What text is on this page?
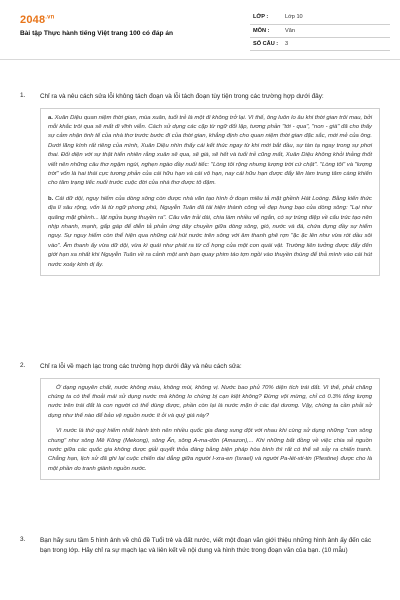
$2048^{.vn}$
Bài tập Thực hành tiếng Việt trang 100 có đáp án
LỚP :	Lớp 10
MÔN :	Văn
SỐ CÂU :	3
1. Chỉ ra và nêu cách sửa lỗi không tách đoạn và lỗi tách đoạn tùy tiện trong các trường hợp dưới đây:

a. Xuân Diệu quan niệm thời gian, mùa xuân, tuổi trẻ là một đi không trở lại. Vì thế, ông luôn lo âu khi thời gian trôi mau, bởi mỗi khắc trôi qua sẽ mất đi vĩnh viễn. Cách sử dụng các cặp từ ngữ đối lập, tương phản "tới - qua", "non - già" đã cho thấy sự cảm nhận tinh tế của nhà thơ trước bước đi của thời gian, khẳng định cho quan niệm thời gian đặc sắc, mới mẻ của ông. Dưới lăng kính rất riêng của mình, Xuân Diệu nhìn thấy cái kết thúc ngay từ khi mới bắt đầu, sự tàn tạ ngay trong sự phơi thai. Đối diện với sự thật hiển nhiên rằng xuân sẽ qua, sẽ già, sẽ hết và tuổi trẻ cũng mất, Xuân Diệu không khỏi thảng thốt viết nên những câu thơ ngậm ngùi, nghẹn ngào đầy nuối tiếc: "Lòng tôi rộng nhưng lượng trời cứ chật". "Lòng tôi" và "lượng trời" vốn là hai thái cực tương phản của cái hữu hạn và cái vô hạn, nay cái hữu hạn được đẩy lên làm trung tâm càng khiến cho tâm trạng tiếc nuối trước cuộc đời của nhà thơ được tô đậm.

b. Cái dữ dội, nguy hiểm của dòng sông còn được nhà văn tạo hình ở đoạn miêu tả mặt ghềnh Hát Loóng. Bằng kiến thức địa lí sâu rộng, vốn lá từ ngữ phong phú, Nguyễn Tuân đã tái hiện thành công vẻ đẹp hung bạo của dòng sông: "Lại như quãng mặt ghềnh... lật ngửa bụng thuyền ra". Câu văn trải dài, chia làm nhiều vế ngắn, có sự trùng điệp về cấu trúc tạo nên nhịp nhanh, mạnh, gấp gáp để diễn tả phản ứng dây chuyền giữa dòng sông, gió, nước và đá, chứa đựng đầy sự hiểm nguy. Sự nguy hiểm còn thể hiện qua những cái hút nước trên sông với âm thanh ghê rợn "ặc ặc lên như vừa rót dầu sôi vào". Âm thanh ấy vừa dữ dội, vừa kì quái như phát ra từ cổ họng của một con quái vật. Trường liên tưởng được đẩy đến giới hạn xa nhất khi Nguyễn Tuân về ra cảnh một anh bạn quay phim táo tợn ngồi vào thuyền thúng để thả mình vào cái hút nước xoáy kinh dị ấy.

2. Chỉ ra lỗi về mạch lạc trong các trường hợp dưới đây và nêu cách sửa:

Ở dạng nguyên chất, nước không màu, không mùi, không vị. Nước bao phủ 70% diện tích trái đất. Vì thế, phải chăng chúng ta có thể thoải mái sử dụng nước mà không lo chúng bị cạn kiệt không? Đừng vội mừng, chỉ có 0.3% tổng lượng nước trên trái đất là con người có thể dùng được, phần còn lại là nước mặn ở các đại dương. Vậy, chúng ta cần phải sử dụng như thế nào để bảo vệ nguồn nước ít ỏi và quý giá này?

Vì nước là thứ quý hiếm nhất hành tinh nên nhiều quốc gia đang xung đột với nhau khi cùng sử dụng những "con sông chung" như sông Mê Kông (Mekong), sông Ấn, sông A-ma-dôn (Amazon),... Khi những bất đồng về việc chia sẻ nguồn nước giữa các quốc gia không được giải quyết thỏa đáng bằng biện pháp hòa bình thì rất có thể sẽ xảy ra chiến tranh. Chẳng hạn, lịch sử đã ghi lại cuộc chiến dai dẳng giữa người I-xra-en (Israel) và người Pa-lét-xti-tin (Plestine) được cho là một phần do tranh giành nguồn nước.

3. Bạn hãy sưu tầm 5 hình ảnh về chủ đề Tuổi trẻ và đất nước, viết một đoạn văn giới thiệu những hình ảnh ấy đến các bạn trong lớp. Hãy chỉ ra sự mạch lạc và liên kết về nội dung và hình thức trong đoạn văn của bạn. (10 mẫu)
